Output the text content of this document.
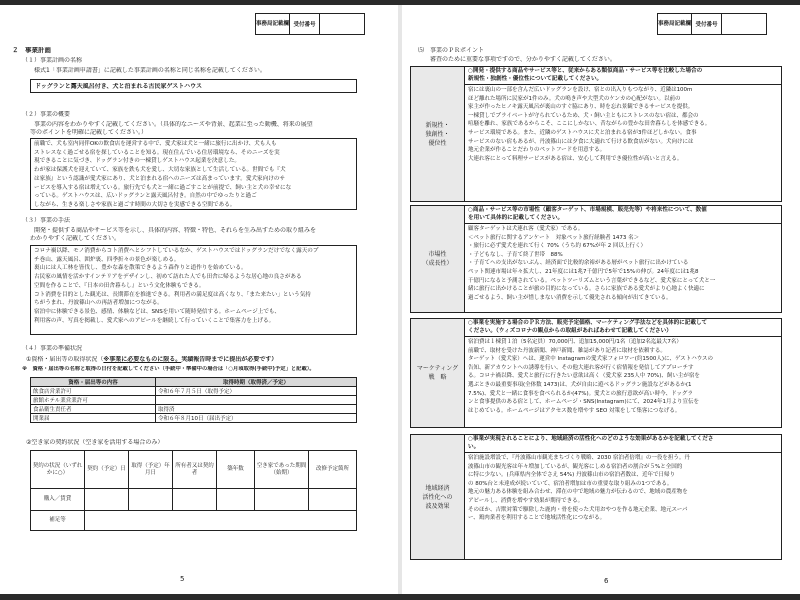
事務局 記載欄 受付番号
２　事業計画
（１）事業計画の名称
様式1「事業計画申請書」に記載した事業計画の名称と同じ名称を記載してください。
ドッグランと露天風呂付き、犬と泊まれる古民家ゲストハウス
（２）事業の概要
事業の内容をわかりやすく記載してください。（具体的なニーズや背景、起業に至った動機、将来の展望
等のポイントを明確に記載してください。）
前職で、犬も室内同伴OKの飲食店を運営する中で、愛犬家は犬と一緒に旅行に出かけ、犬も人も
ストレスなく過ごせる宿を探していることを知る。現在住んでいる住居環境なら、そのニーズを実
現できることに気づき、ドッグラン付きの一棟貸しゲストハウス起業を決意した。
わが家は保護犬を迎えていて、家族を鉄も犬を愛し、大切な家族として生活している。世間でも『犬
は家族』という認識が愛犬家にあり、犬と泊まれる宿へのニーズは高まっています。愛犬家向けのサ
ービスを導入する宿は増えている。旅行先でも犬と一緒に過ごすことが前提で、飼い主と犬の幸せにな
っている。ゲストハウスは、広いドッグランと露天風呂付き。自然の中でゆったりと過ご
しながら、生きる楽しさや家族と過ごす時間の大切さを実感できる空間である。
（３）事業の手法
開発・提供する商品やサービス等を示し、具体的内容、特徴・特色、それらを生み出すための取り組みを
わかりやすく記載してください。
コロナ禍以降、モノ消費からコト消費へとシフトしているなか、ゲストハウスではドッグランだけでなく露天のプ
チ巻山、露天風呂、囲炉裏、四季折々の景色が楽しめる。
裏山には人工林を皆伐し、豊かな森を散策できるよう森作りと道作りを始めている。
古民家の風情を活かすインテリアをデザインし、初めて訪れた人でも田舎に帰るような居心地の良さがある
空間を作ることで、『日本の田舎暮らし』という文化体験もできる。
コト消費を目的とした観光は、長期滞在を推進できる。利用者の満足度は高くなり、「また来たい」という気持
ちがうまれ、丹波篠山への再訪者増加につながる。
宿泊中に体験できる景色、感情、体験などは、SNSを用いて随時発信する。ホームページ上でも、
利用客の声、写真を掲載し、愛犬家へのアピールを継続して行っていくことで集客力を上げる。
（４）事業の準備状況
①資格・届出等の取得状況（※事業に必要なものに限る。実績報告時までに提出が必要です）
※　資格・届出等の名称と取得の日付を記載してください（手続中・準備中の場合は「○月頃取得(手続中)予定」と記載）。
資格・届出等の内容	取得時期（取得済／予定）
飲食店営業許可	令和６年７月５日（取得予定）
旅館ホテル業営業許可	
食品衛生責任者	取得済
開業届	令和６年８月10日（届出予定）
②空き家の契約状況（空き家を活用する場合のみ）
契約の状況（いずれかに○）	契約（予定）日	取得（予定）年月日	所有者又は契約者	築年数	空き家であった期間（始期）	改修予定箇所
購入／賃貸						
補足等						
5
事務局 記載欄 受付番号
⑸　事業のＰＲポイント
審査のために重要な事項ですので、分かりやすく記載してください。
6
新規性・
独創性・
優位性
○開発・提供する商品やサービス等と、従来からある類似商品・サービス等を比較した場合の
新規性・独創性・優位性について記載してください。
宿には裏山の一部を含んだ広いドッグランを設け、宿との出入りもつながり、近隣は100m
ほど離れた場所に民家が1件のみ。犬の鳴き声や大型犬のケンカの心配がない。以前の
家主が作ったヒノキ露天風呂が裏山のすぐ脇にあり、時を忘れ景観できるサービスを提供。
一棟貸しでプライベートが守られているため、犬・飼い主ともにストレスのない宿は、都会の
喧騒を離れ、家族であるからこそ、ここにしかない、昔ながらの豊かな田舎暮らしを体感できる。
サービス環境である。また、近隣のゲストハウスに犬と泊まれる宿が3件ほどしかない。食事
サービスのない宿もあるが、丹波篠山には夕食に大適れて行ける飲食店がない。犬向けには
地元企業が作ることだわりのペットフードを用意する。
大連れ客にとって料理サービスがある宿は、安心して利用でき優位性が高いと言える。
市場性
（成長性）
○商品・サービス等の市場性（顧客ターゲット、市場規模、販売先等）や将来性について、数値
を用いて具体的に記載してください。
顧客ターゲットは犬連れ客（愛犬家）である。
＜ペット旅行に関するアンケート　対象ペット旅行経験者 1473 名＞
・旅行に必ず愛犬を連れて行く 70%（うち約 67%が年 2 回以上行く）
・子どもなし、子育て終了世帯　88%
・子育てへの支出がないぶん、経済面で比較的余裕がある層がペット旅行に出かけている
ペット関連市場は年々拡大し、21年度には1兆7千億円で5年で15%の伸び。24年度には1兆8
千億円になると予測されている。ペットツーリズムという言葉ができるなど、愛犬家にとって犬と一
緒に旅行に出かけることが旅の目的になっている。さらに家族である愛犬がより心地よく快適に
過ごせるよう、飼い主が惜しまない消費を示して優先される傾向が出てきている。
マーケティング
戦　略
○事業を実施する場合のＰＲ方法、販売予定価格、マーケティング手法などを具体的に記載して
ください。（ウィズコロナの観点からの取組があればあわせて記載してください）
宿泊費は１棟貸１泊（5名定員）70,000円、追加15,000円/1名（追加2名迄最大7名）
前職で、取材を受けた丹波新聞、神戸新聞、雑誌があり記者に取材を依頼する。
ターゲット（愛犬家）へは、運営中 Instagramの愛犬家フォロワー(約1500人)に、ゲストハウスの
告知、新アカウントへの誘導を行い、その他大連れ客が行く宿情報を発信してアプローチす
る。コロナ禍以降、愛犬と旅行に行きたい意欲は高く（愛犬家 235人中 70%)、飼い主が宿を
選ぶときの最重要事項(全体数 1473)は、犬が自由に遊べるドッグラン施設などがあるか(1
7.5%)、愛犬と一緒に食事を食べられるか(47%)。愛犬との旅行意欲が高い時今、ドッグラ
ンと食事提供のある宿として、ホームページ・SNS(Instagram)にて、2024年1月より宣伝を
はじめている。ホームページはアクセス数を増やす SEO 対策をして集客につなげる。
地域経済
活性化への
波及効果
○事業が実現されることにより、地域経済の活性化へのどのような効果があるかを記載してくださ
い。
宿泊施設増設で、『丹波篠山市観光まちづくり戦略、2030 宿泊者倍増』の一役を担う。丹
波篠山市の観光客は年々増加しているが、観光客にしめる宿泊者の割合が５%と全国的
に特に少ない。(兵庫県内全体でさえ 54%) 丹波篠山市の宿泊者数は、近年で日帰り
の 80%台と未達成が続いていて、宿泊者増加は市の重要な取り組みの1つである。
地元の魅力ある体験を組み合わせ、滞在の中で地域の魅力が伝わるので、地域の農産物を
アピールし、消費を増やす効果が期待できる。
そのほか、吉獣対策で駆除した鹿肉・骨を使った犬用おやつを作る地元企業、地元スーパ
ー、鶏肉業者を利用することで地域活性化につながる。
